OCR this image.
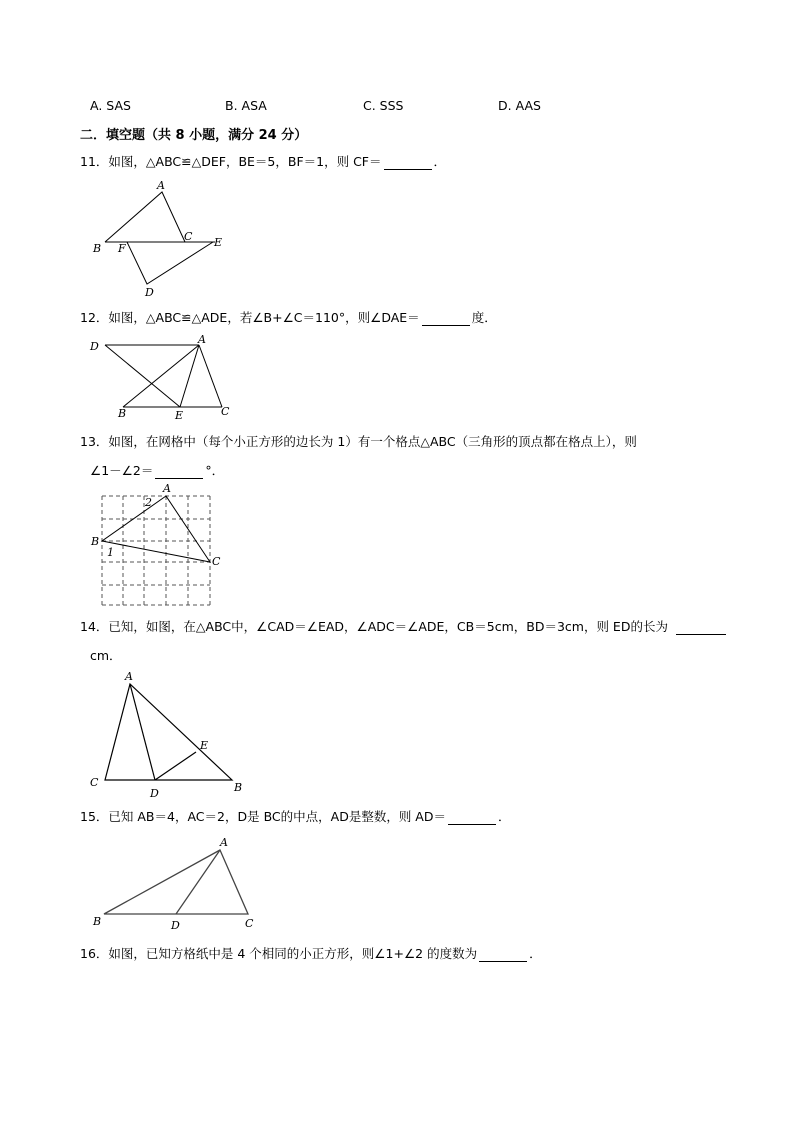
A. SAS	B. ASA	C. SSS	D. AAS
二．填空题（共 8 小题，满分 24 分）
11．如图，△ABC≌△DEF，BE＝5，BF＝1，则 CF＝	．
12．如图，△ABC≌△ADE，若∠B+∠C＝110°，则∠DAE＝	度．
13．如图，在网格中（每个小正方形的边长为 1）有一个格点△ABC（三角形的顶点都在格点上），则
∠1－∠2＝	°．
14．已知，如图，在△ABC中，∠CAD＝∠EAD，∠ADC＝∠ADE，CB＝5cm，BD＝3cm，则 ED的长为
cm．
15．已知 AB＝4，AC＝2，D是 BC的中点，AD是整数，则 AD＝	．
16．如图，已知方格纸中是 4 个相同的小正方形，则∠1+∠2 的度数为	．
A
B F
C E
D
D
A
B	E	C
A
B
C
1
2
A
C
D	B
E
A
B	D	C
